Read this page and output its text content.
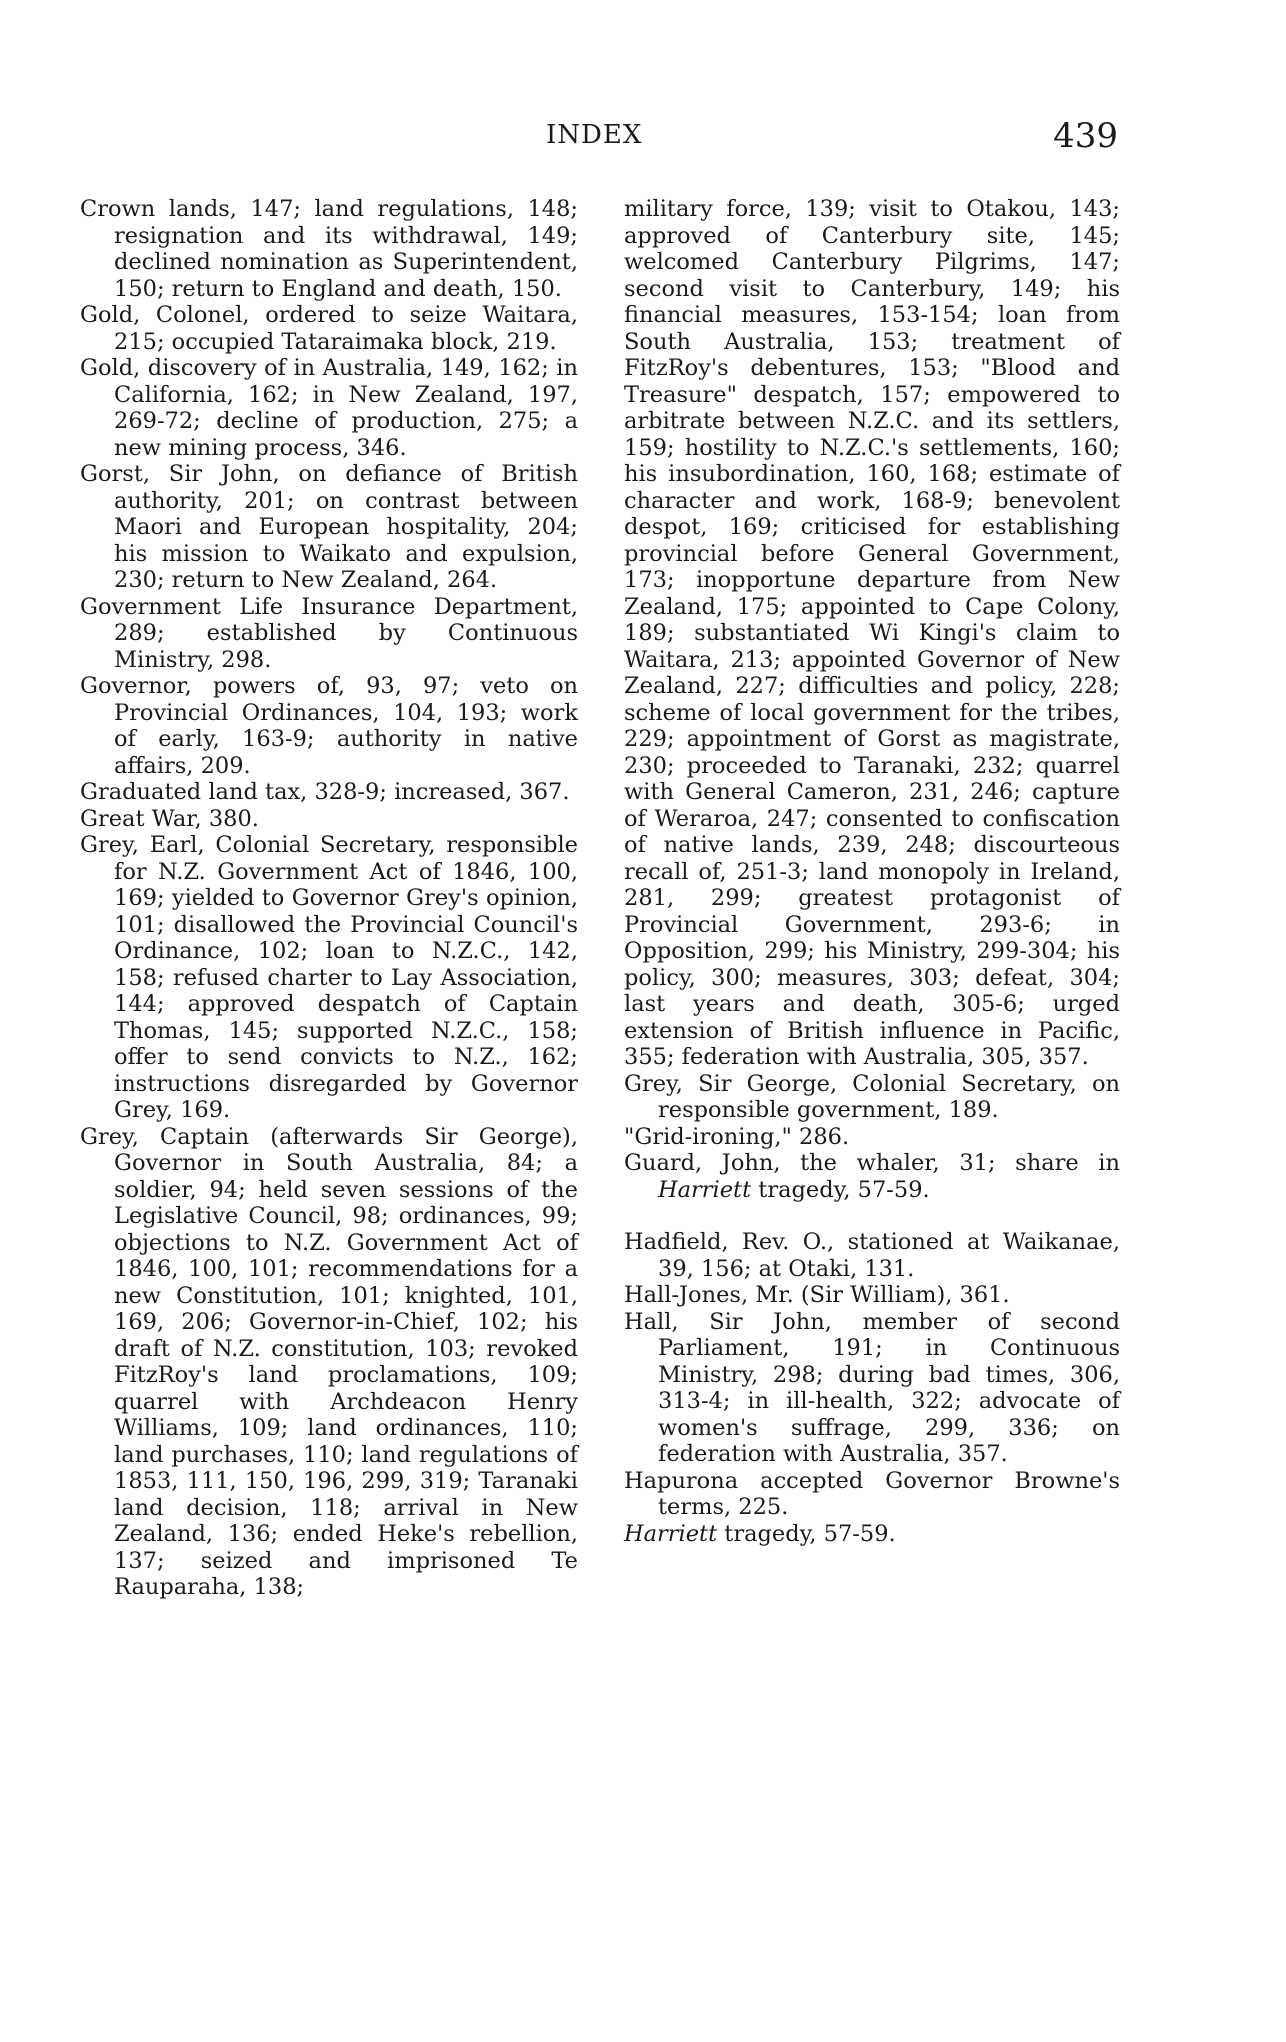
INDEX	439

Crown lands, 147; land regulations, 148; resignation and its withdrawal, 149; declined nomination as Superintendent, 150; return to England and death, 150.

Gold, Colonel, ordered to seize Waitara, 215; occupied Tataraimaka block, 219.

Gold, discovery of in Australia, 149, 162; in California, 162; in New Zealand, 197, 269-72; decline of production, 275; a new mining process, 346.

Gorst, Sir John, on defiance of British authority, 201; on contrast between Maori and European hospitality, 204; his mission to Waikato and expulsion, 230; return to New Zealand, 264.

Government Life Insurance Department, 289; established by Continuous Ministry, 298.

Governor, powers of, 93, 97; veto on Provincial Ordinances, 104, 193; work of early, 163-9; authority in native affairs, 209.

Graduated land tax, 328-9; increased, 367.

Great War, 380.

Grey, Earl, Colonial Secretary, responsible for N.Z. Government Act of 1846, 100, 169; yielded to Governor Grey's opinion, 101; disallowed the Provincial Council's Ordinance, 102; loan to N.Z.C., 142, 158; refused charter to Lay Association, 144; approved despatch of Captain Thomas, 145; supported N.Z.C., 158; offer to send convicts to N.Z., 162; instructions disregarded by Governor Grey, 169.

Grey, Captain (afterwards Sir George), Governor in South Australia, 84; a soldier, 94; held seven sessions of the Legislative Council, 98; ordinances, 99; objections to N.Z. Government Act of 1846, 100, 101; recommendations for a new Constitution, 101; knighted, 101, 169, 206; Governor-in-Chief, 102; his draft of N.Z. constitution, 103; revoked FitzRoy's land proclamations, 109; quarrel with Archdeacon Henry Williams, 109; land ordinances, 110; land purchases, 110; land regulations of 1853, 111, 150, 196, 299, 319; Taranaki land decision, 118; arrival in New Zealand, 136; ended Heke's rebellion, 137; seized and imprisoned Te Rauparaha, 138;

military force, 139; visit to Otakou, 143; approved of Canterbury site, 145; welcomed Canterbury Pilgrims, 147; second visit to Canterbury, 149; his financial measures, 153-154; loan from South Australia, 153; treatment of FitzRoy's debentures, 153; "Blood and Treasure" despatch, 157; empowered to arbitrate between N.Z.C. and its settlers, 159; hostility to N.Z.C.'s settlements, 160; his insubordination, 160, 168; estimate of character and work, 168-9; benevolent despot, 169; criticised for establishing provincial before General Government, 173; inopportune departure from New Zealand, 175; appointed to Cape Colony, 189; substantiated Wi Kingi's claim to Waitara, 213; appointed Governor of New Zealand, 227; difficulties and policy, 228; scheme of local government for the tribes, 229; appointment of Gorst as magistrate, 230; proceeded to Taranaki, 232; quarrel with General Cameron, 231, 246; capture of Weraroa, 247; consented to confiscation of native lands, 239, 248; discourteous recall of, 251-3; land monopoly in Ireland, 281, 299; greatest protagonist of Provincial Government, 293-6; in Opposition, 299; his Ministry, 299-304; his policy, 300; measures, 303; defeat, 304; last years and death, 305-6; urged extension of British influence in Pacific, 355; federation with Australia, 305, 357.

Grey, Sir George, Colonial Secretary, on responsible government, 189.

"Grid-ironing," 286.

Guard, John, the whaler, 31; share in Harriett tragedy, 57-59.

Hadfield, Rev. O., stationed at Waikanae, 39, 156; at Otaki, 131.

Hall-Jones, Mr. (Sir William), 361.

Hall, Sir John, member of second Parliament, 191; in Continuous Ministry, 298; during bad times, 306, 313-4; in ill-health, 322; advocate of women's suffrage, 299, 336; on federation with Australia, 357.

Hapurona accepted Governor Browne's terms, 225.

Harriett tragedy, 57-59.
